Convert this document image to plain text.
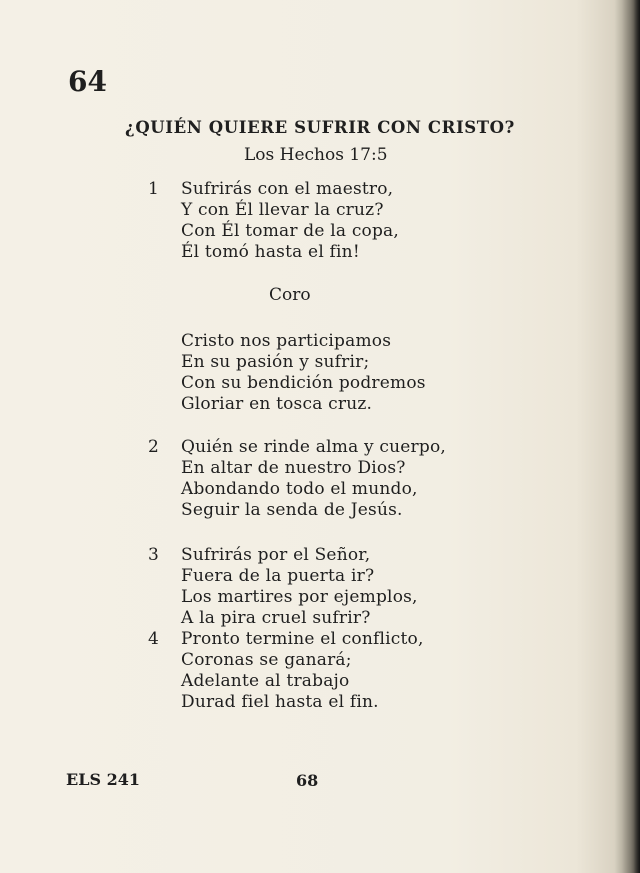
64
¿QUIÉN QUIERE SUFRIR CON CRISTO?
Los Hechos 17:5
1 Sufrirás con el maestro,
Y con Él llevar la cruz?
Con Él tomar de la copa,
Él tomó hasta el fin!
Coro
Cristo nos participamos
En su pasión y sufrir;
Con su bendición podremos
Gloriar en tosca cruz.
2 Quién se rinde alma y cuerpo,
En altar de nuestro Dios?
Abondando todo el mundo,
Seguir la senda de Jesús.
3 Sufrirás por el Señor,
Fuera de la puerta ir?
Los martires por ejemplos,
A la pira cruel sufrir?
4 Pronto termine el conflicto,
Coronas se ganará;
Adelante al trabajo
Durad fiel hasta el fin.
ELS 241	68
